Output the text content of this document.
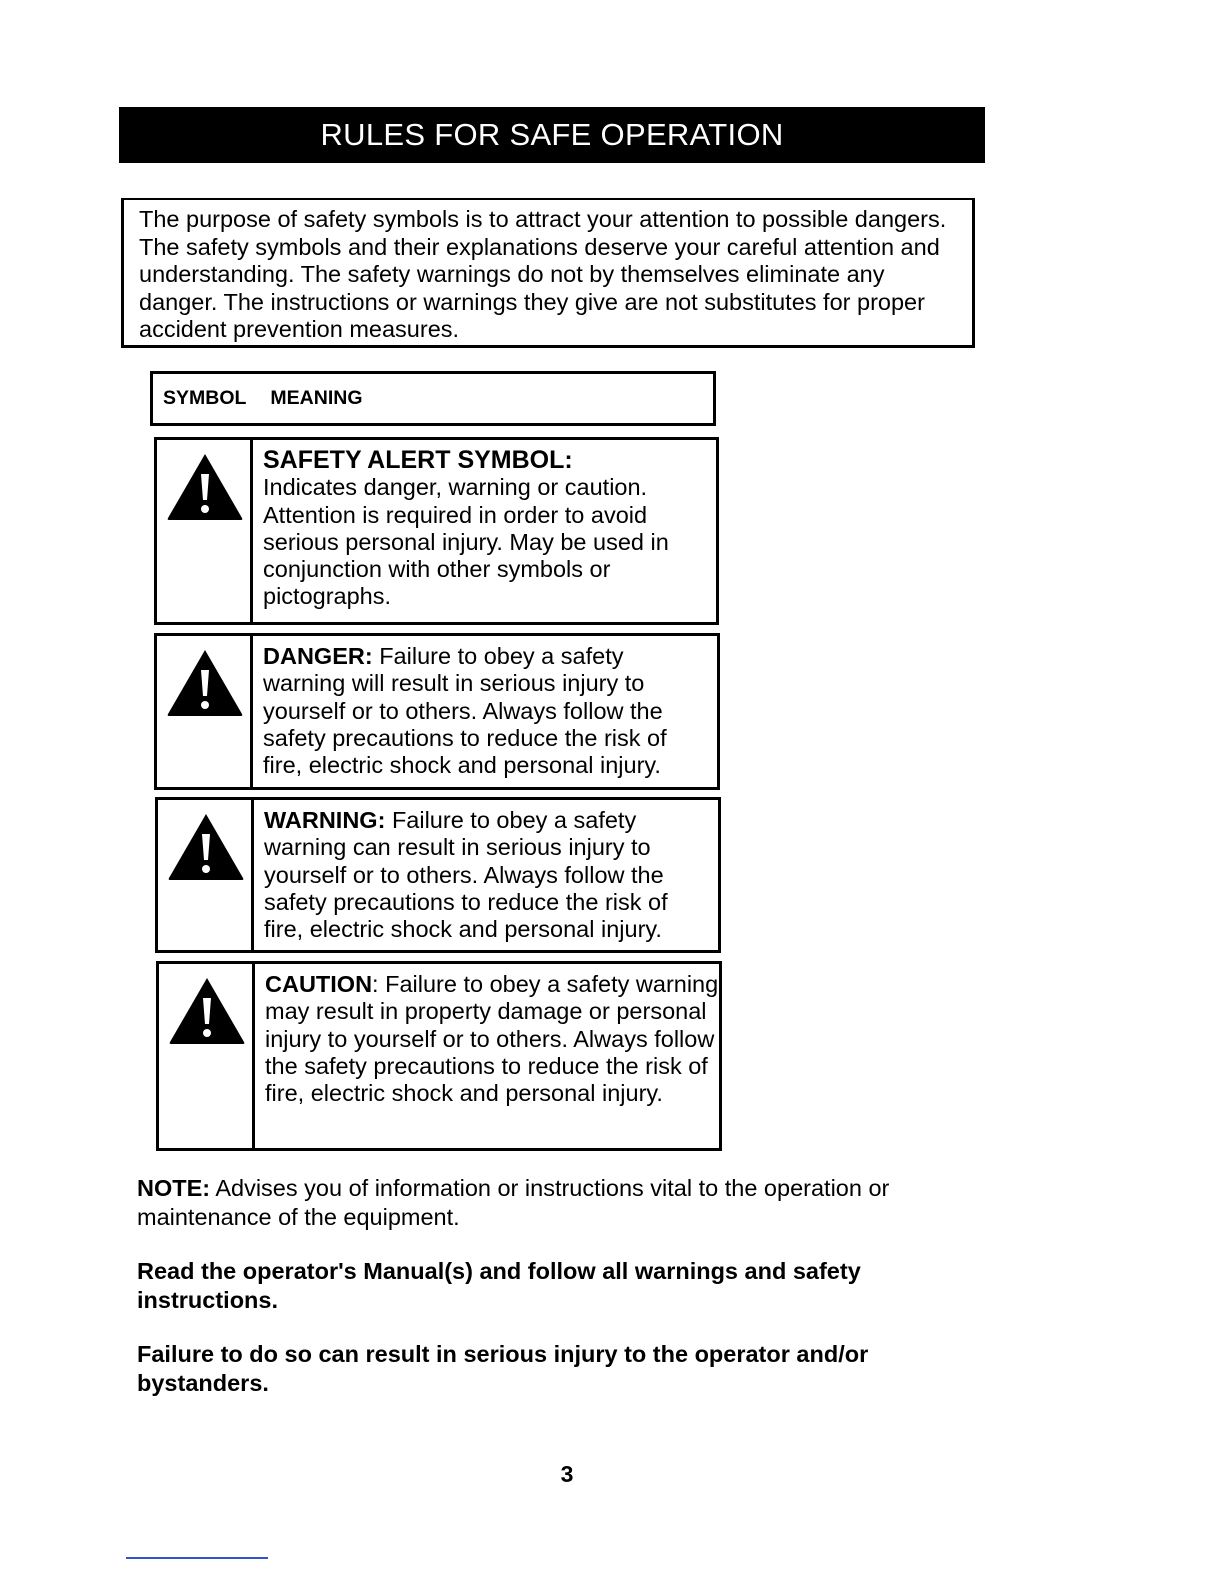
RULES FOR SAFE OPERATION
The purpose of safety symbols is to attract your attention to possible dangers. The safety symbols and their explanations deserve your careful attention and understanding. The safety warnings do not by themselves eliminate any danger. The instructions or warnings they give are not substitutes for proper accident prevention measures.
SYMBOL MEANING
SAFETY ALERT SYMBOL:
Indicates danger, warning or caution. Attention is required in order to avoid serious personal injury. May be used in conjunction with other symbols or pictographs.
DANGER: Failure to obey a safety warning will result in serious injury to yourself or to others. Always follow the safety precautions to reduce the risk of fire, electric shock and personal injury.
WARNING: Failure to obey a safety warning can result in serious injury to yourself or to others. Always follow the safety precautions to reduce the risk of fire, electric shock and personal injury.
CAUTION: Failure to obey a safety warning may result in property damage or personal injury to yourself or to others. Always follow the safety precautions to reduce the risk of fire, electric shock and personal injury.
NOTE: Advises you of information or instructions vital to the operation or maintenance of the equipment.
Read the operator's Manual(s) and follow all warnings and safety instructions.
Failure to do so can result in serious injury to the operator and/or bystanders.
3
